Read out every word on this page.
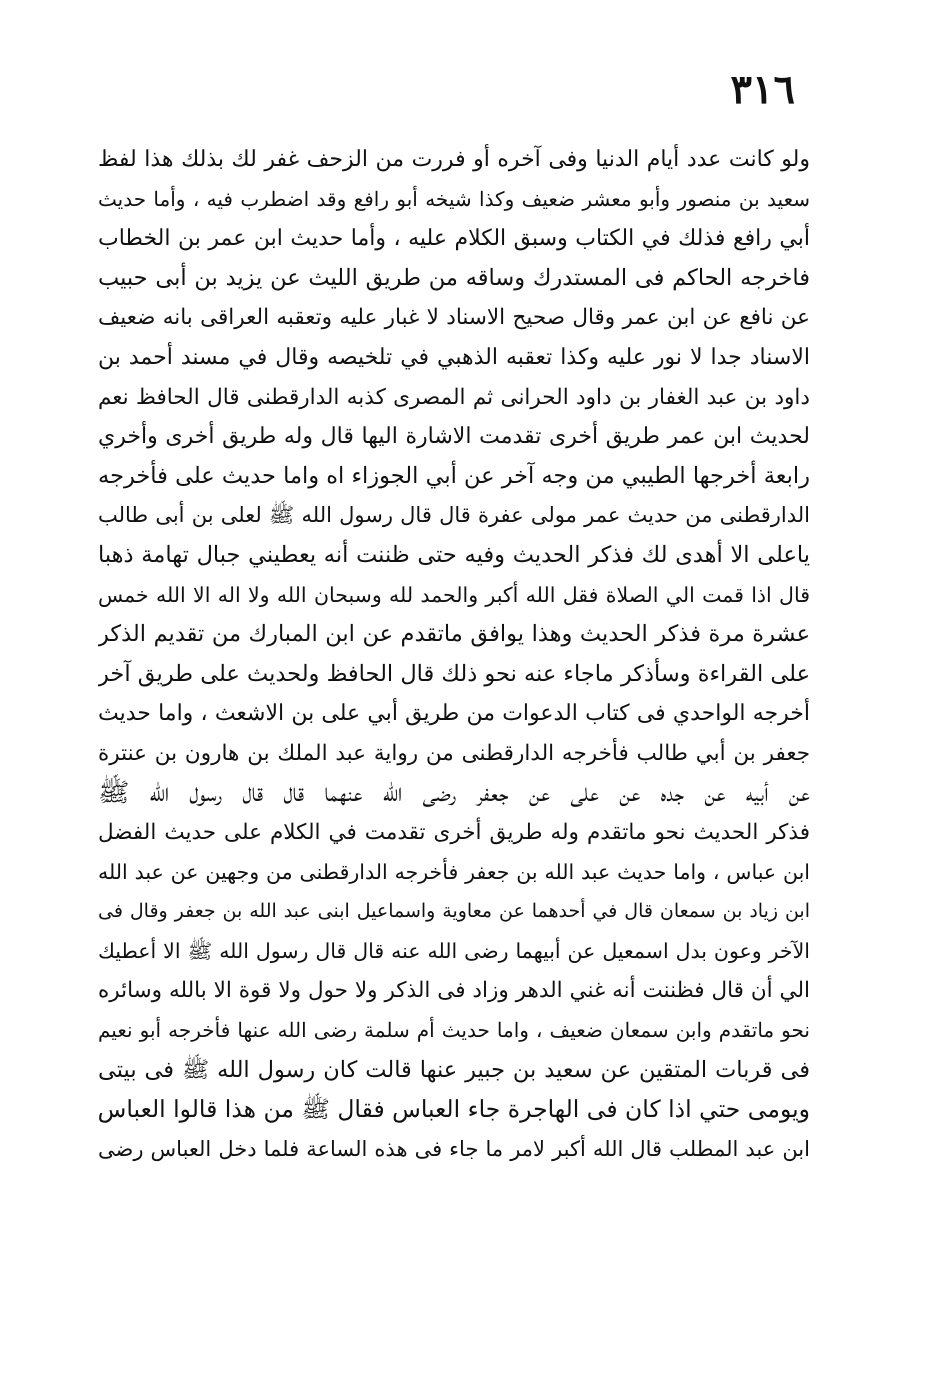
٣١٦
ولو كانت عدد أيام الدنيا وفى آخره أو فررت من الزحف غفر لك بذلك هذا لفظ
سعيد بن منصور وأبو معشر ضعيف وكذا شيخه أبو رافع وقد اضطرب فيه ، وأما حديث
أبي رافع فذلك في الكتاب وسبق الكلام عليه ، وأما حديث ابن عمر بن الخطاب
فاخرجه الحاكم فى المستدرك وساقه من طريق الليث عن يزيد بن أبى حبيب
عن نافع عن ابن عمر وقال صحيح الاسناد لا غبار عليه وتعقبه العراقى بانه ضعيف
الاسناد جدا لا نور عليه وكذا تعقبه الذهبي في تلخيصه وقال في مسند أحمد بن
داود بن عبد الغفار بن داود الحرانى ثم المصرى كذبه الدارقطنى قال الحافظ نعم
لحديث ابن عمر طريق أخرى تقدمت الاشارة اليها قال وله طريق أخرى وأخري
رابعة أخرجها الطيبي من وجه آخر عن أبي الجوزاء اه واما حديث على فأخرجه
الدارقطنى من حديث عمر مولى عفرة قال قال رسول الله ﷺ لعلى بن أبى طالب
ياعلى الا أهدى لك فذكر الحديث وفيه حتى ظننت أنه يعطيني جبال تهامة ذهبا
قال اذا قمت الي الصلاة فقل الله أكبر والحمد لله وسبحان الله ولا اله الا الله خمس
عشرة مرة فذكر الحديث وهذا يوافق ماتقدم عن ابن المبارك من تقديم الذكر
على القراءة وسأذكر ماجاء عنه نحو ذلك قال الحافظ ولحديث على طريق آخر
أخرجه الواحدي فى كتاب الدعوات من طريق أبي على بن الاشعث ، واما حديث
جعفر بن أبي طالب فأخرجه الدارقطنى من رواية عبد الملك بن هارون بن عنترة
عن أبيه عن جده عن على عن جعفر رضى الله عنهما قال قال رسول الله ﷺ
فذكر الحديث نحو ماتقدم وله طريق أخرى تقدمت في الكلام على حديث الفضل
ابن عباس ، واما حديث عبد الله بن جعفر فأخرجه الدارقطنى من وجهين عن عبد الله
ابن زياد بن سمعان قال في أحدهما عن معاوية واسماعيل ابنى عبد الله بن جعفر وقال فى
الآخر وعون بدل اسمعيل عن أبيهما رضى الله عنه قال قال رسول الله ﷺ الا أعطيك
الي أن قال فظننت أنه غني الدهر وزاد فى الذكر ولا حول ولا قوة الا بالله وسائره
نحو ماتقدم وابن سمعان ضعيف ، واما حديث أم سلمة رضى الله عنها فأخرجه أبو نعيم
فى قربات المتقين عن سعيد بن جبير عنها قالت كان رسول الله ﷺ فى بيتى
ويومى حتي اذا كان فى الهاجرة جاء العباس فقال ﷺ من هذا قالوا العباس
ابن عبد المطلب قال الله أكبر لامر ما جاء فى هذه الساعة فلما دخل العباس رضى
